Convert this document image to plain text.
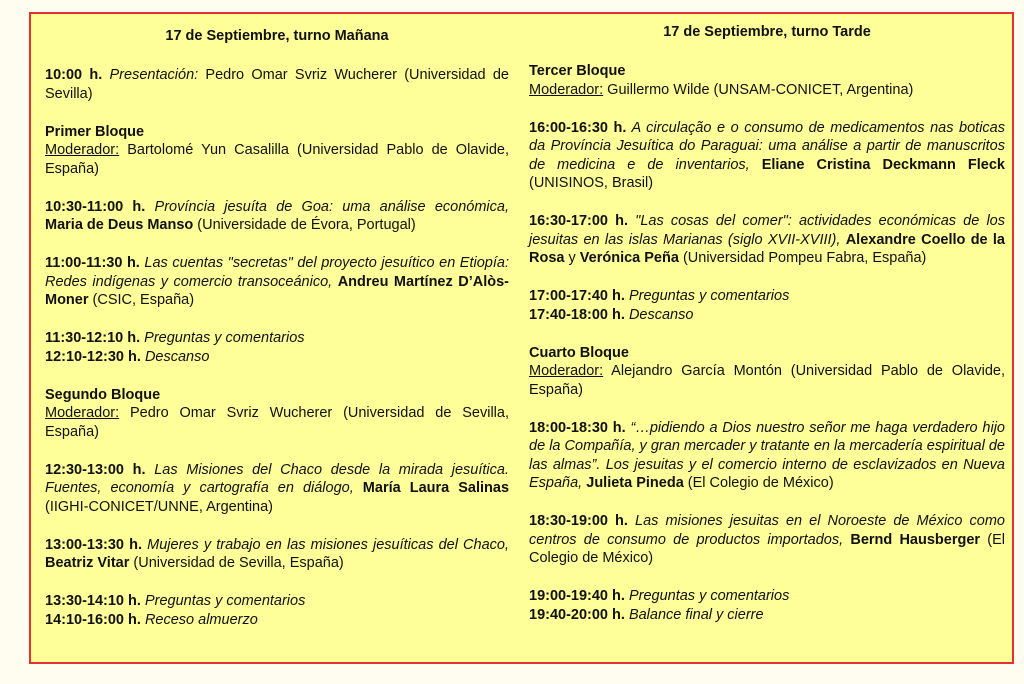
17 de Septiembre, turno Mañana

10:00 h. Presentación: Pedro Omar Svriz Wucherer (Universidad de Sevilla)

Primer Bloque
Moderador: Bartolomé Yun Casalilla (Universidad Pablo de Olavide, España)

10:30-11:00 h. Província jesuíta de Goa: uma análise económica, Maria de Deus Manso (Universidade de Évora, Portugal)

11:00-11:30 h. Las cuentas "secretas" del proyecto jesuítico en Etiopía: Redes indígenas y comercio transoceánico, Andreu Martínez D’Alòs-Moner (CSIC, España)

11:30-12:10 h. Preguntas y comentarios

12:10-12:30 h. Descanso

Segundo Bloque
Moderador: Pedro Omar Svriz Wucherer (Universidad de Sevilla, España)

12:30-13:00 h. Las Misiones del Chaco desde la mirada jesuítica. Fuentes, economía y cartografía en diálogo, María Laura Salinas (IIGHI-CONICET/UNNE, Argentina)

13:00-13:30 h. Mujeres y trabajo en las misiones jesuíticas del Chaco, Beatriz Vitar (Universidad de Sevilla, España)

13:30-14:10 h. Preguntas y comentarios

14:10-16:00 h. Receso almuerzo

17 de Septiembre, turno Tarde

Tercer Bloque
Moderador: Guillermo Wilde (UNSAM-CONICET, Argentina)

16:00-16:30 h. A circulação e o consumo de medicamentos nas boticas da Província Jesuítica do Paraguai: uma análise a partir de manuscritos de medicina e de inventarios, Eliane Cristina Deckmann Fleck (UNISINOS, Brasil)

16:30-17:00 h. "Las cosas del comer": actividades económicas de los jesuitas en las islas Marianas (siglo XVII-XVIII), Alexandre Coello de la Rosa y Verónica Peña (Universidad Pompeu Fabra, España)

17:00-17:40 h. Preguntas y comentarios

17:40-18:00 h. Descanso

Cuarto Bloque
Moderador: Alejandro García Montón (Universidad Pablo de Olavide, España)

18:00-18:30 h. “…pidiendo a Dios nuestro señor me haga verdadero hijo de la Compañía, y gran mercader y tratante en la mercadería espiritual de las almas”. Los jesuitas y el comercio interno de esclavizados en Nueva España, Julieta Pineda (El Colegio de México)

18:30-19:00 h. Las misiones jesuitas en el Noroeste de México como centros de consumo de productos importados, Bernd Hausberger (El Colegio de México)

19:00-19:40 h. Preguntas y comentarios

19:40-20:00 h. Balance final y cierre
